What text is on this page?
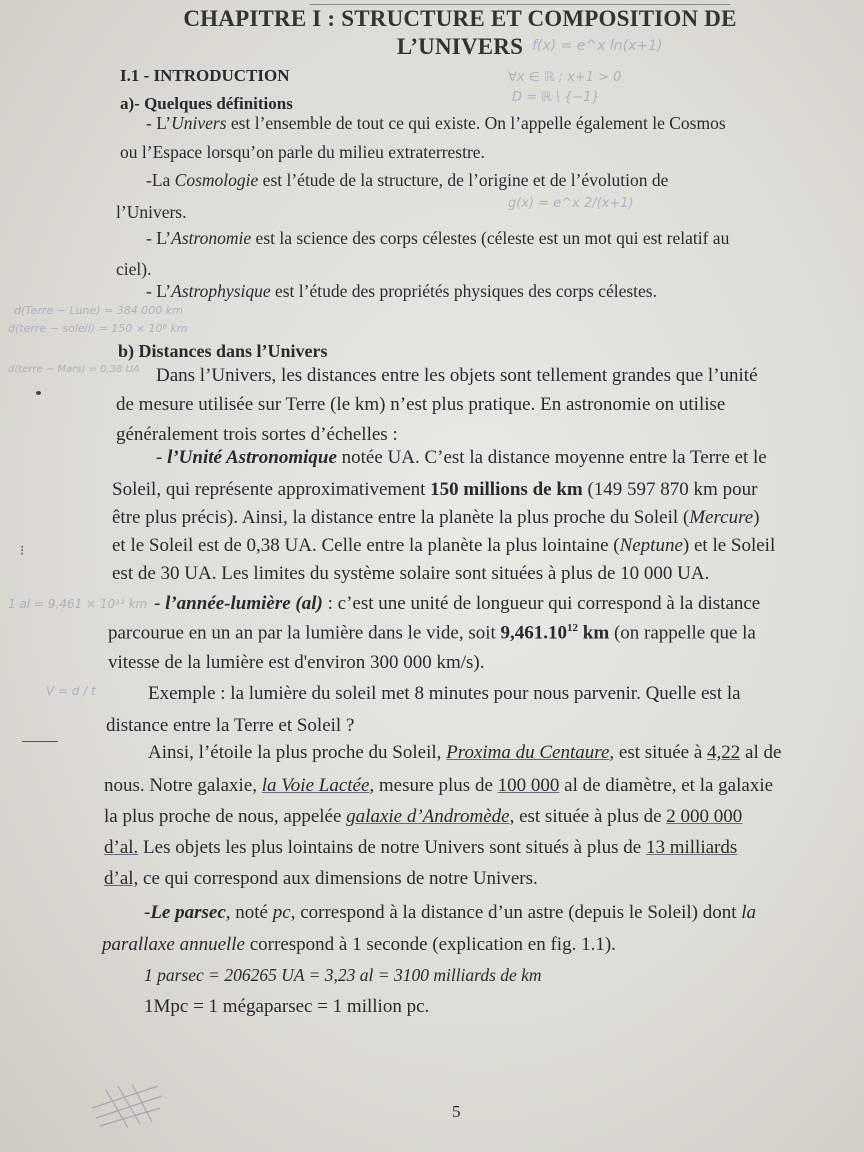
CHAPITRE I : STRUCTURE ET COMPOSITION DE
L’UNIVERS f(x) = e^x ln(x+1)
∀x ∈ ℝ ; x+1 > 0
D = ℝ \ {−1}
g(x) = e^x 2/(x+1)
d(Terre − Lune) = 384 000 km
d(terre − soleil) = 150 × 10⁶ km
d(terre − Mars) = 0,38 UA
1 al = 9,461 × 10¹² km
V = d / t
I.1 - INTRODUCTION
a)- Quelques définitions
- L’Univers est l’ensemble de tout ce qui existe. On l’appelle également le Cosmos
ou l’Espace lorsqu’on parle du milieu extraterrestre.
-La Cosmologie est l’étude de la structure, de l’origine et de l’évolution de
l’Univers.
- L’Astronomie est la science des corps célestes (céleste est un mot qui est relatif au
ciel).
- L’Astrophysique est l’étude des propriétés physiques des corps célestes.
b) Distances dans l’Univers
Dans l’Univers, les distances entre les objets sont tellement grandes que l’unité
de mesure utilisée sur Terre (le km) n’est plus pratique. En astronomie on utilise
généralement trois sortes d’échelles :
- l’Unité Astronomique notée UA. C’est la distance moyenne entre la Terre et le
Soleil, qui représente approximativement 150 millions de km (149 597 870 km pour
être plus précis). Ainsi, la distance entre la planète la plus proche du Soleil (Mercure)
et le Soleil est de 0,38 UA. Celle entre la planète la plus lointaine (Neptune) et le Soleil
est de 30 UA. Les limites du système solaire sont situées à plus de 10 000 UA.
- l’année-lumière (al) : c’est une unité de longueur qui correspond à la distance
parcourue en un an par la lumière dans le vide, soit 9,461.10$^{12}$ km (on rappelle que la
vitesse de la lumière est d'environ 300 000 km/s).
Exemple : la lumière du soleil met 8 minutes pour nous parvenir. Quelle est la
distance entre la Terre et Soleil ?
Ainsi, l’étoile la plus proche du Soleil, Proxima du Centaure, est située à 4,22 al de
nous. Notre galaxie, la Voie Lactée, mesure plus de 100 000 al de diamètre, et la galaxie
la plus proche de nous, appelée galaxie d’Andromède, est située à plus de 2 000 000
d’al. Les objets les plus lointains de notre Univers sont situés à plus de 13 milliards
d’al, ce qui correspond aux dimensions de notre Univers.
-Le parsec, noté pc, correspond à la distance d’un astre (depuis le Soleil) dont la
parallaxe annuelle correspond à 1 seconde (explication en fig. 1.1).
1 parsec = 206265 UA = 3,23 al = 3100 milliards de km
1Mpc = 1 mégaparsec = 1 million pc.
5
⁝
